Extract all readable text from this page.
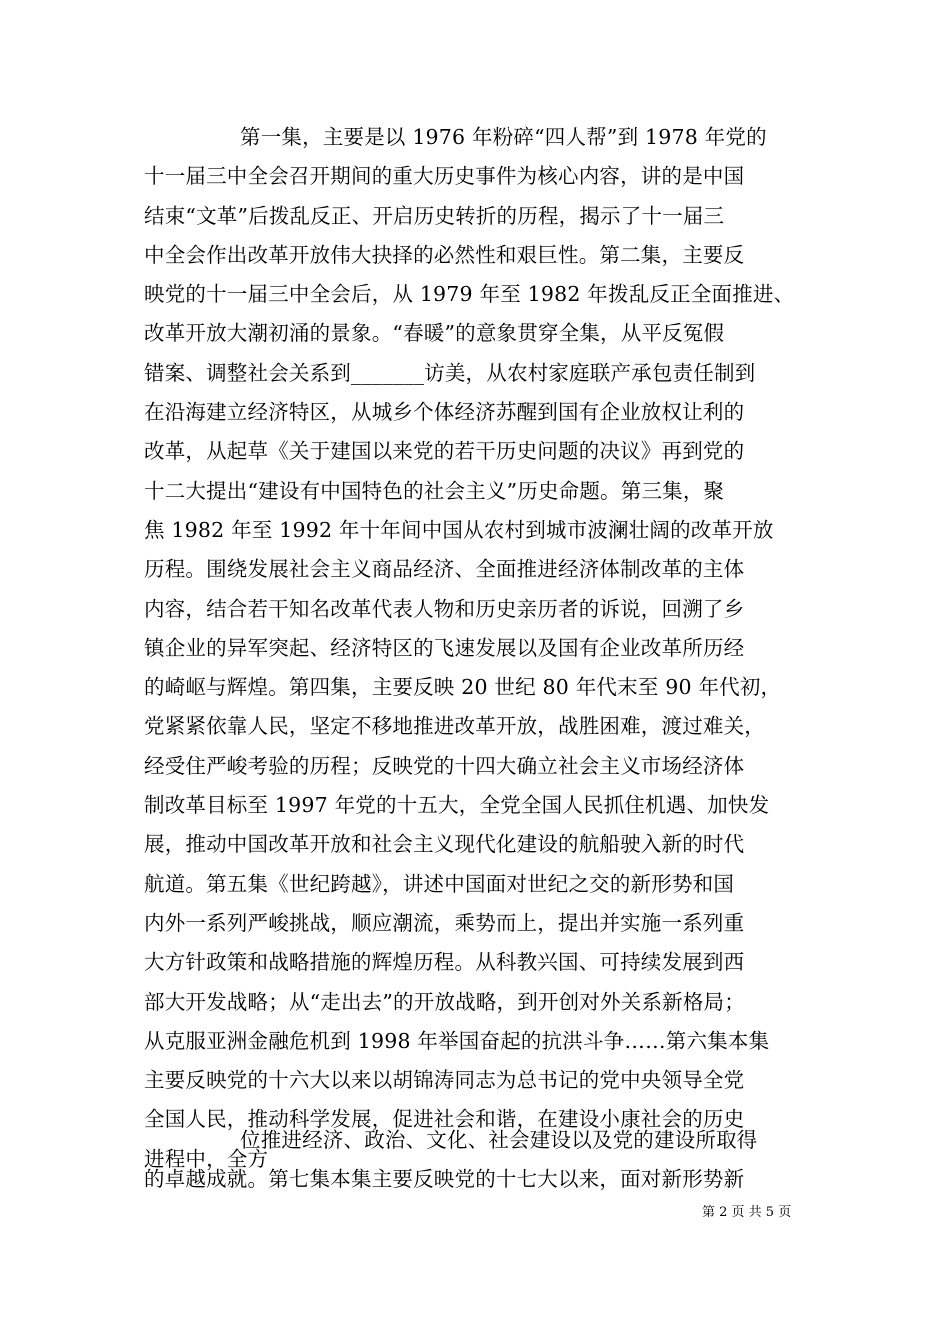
第一集，主要是以 1976 年粉碎“四人帮”到 1978 年党的
十一届三中全会召开期间的重大历史事件为核心内容，讲的是中国
结束“文革”后拨乱反正、开启历史转折的历程，揭示了十一届三
中全会作出改革开放伟大抉择的必然性和艰巨性。第二集，主要反
映党的十一届三中全会后，从 1979 年至 1982 年拨乱反正全面推进、
改革开放大潮初涌的景象。“春暖”的意象贯穿全集，从平反冤假
错案、调整社会关系到_______访美，从农村家庭联产承包责任制到
在沿海建立经济特区，从城乡个体经济苏醒到国有企业放权让利的
改革，从起草《关于建国以来党的若干历史问题的决议》再到党的
十二大提出“建设有中国特色的社会主义”历史命题。第三集，聚
焦 1982 年至 1992 年十年间中国从农村到城市波澜壮阔的改革开放
历程。围绕发展社会主义商品经济、全面推进经济体制改革的主体
内容，结合若干知名改革代表人物和历史亲历者的诉说，回溯了乡
镇企业的异军突起、经济特区的飞速发展以及国有企业改革所历经
的崎岖与辉煌。第四集，主要反映 20 世纪 80 年代末至 90 年代初，
党紧紧依靠人民，坚定不移地推进改革开放，战胜困难，渡过难关，
经受住严峻考验的历程；反映党的十四大确立社会主义市场经济体
制改革目标至 1997 年党的十五大，全党全国人民抓住机遇、加快发
展，推动中国改革开放和社会主义现代化建设的航船驶入新的时代
航道。第五集《世纪跨越》，讲述中国面对世纪之交的新形势和国
内外一系列严峻挑战，顺应潮流，乘势而上，提出并实施一系列重
大方针政策和战略措施的辉煌历程。从科教兴国、可持续发展到西
部大开发战略；从“走出去”的开放战略，到开创对外关系新格局；
从克服亚洲金融危机到 1998 年举国奋起的抗洪斗争……第六集本集
主要反映党的十六大以来以胡锦涛同志为总书记的党中央领导全党
全国人民，推动科学发展，促进社会和谐，在建设小康社会的历史
进程中，全方
位推进经济、政治、文化、社会建设以及党的建设所取得
的卓越成就。第七集本集主要反映党的十七大以来，面对新形势新
第 2 页 共 5 页
